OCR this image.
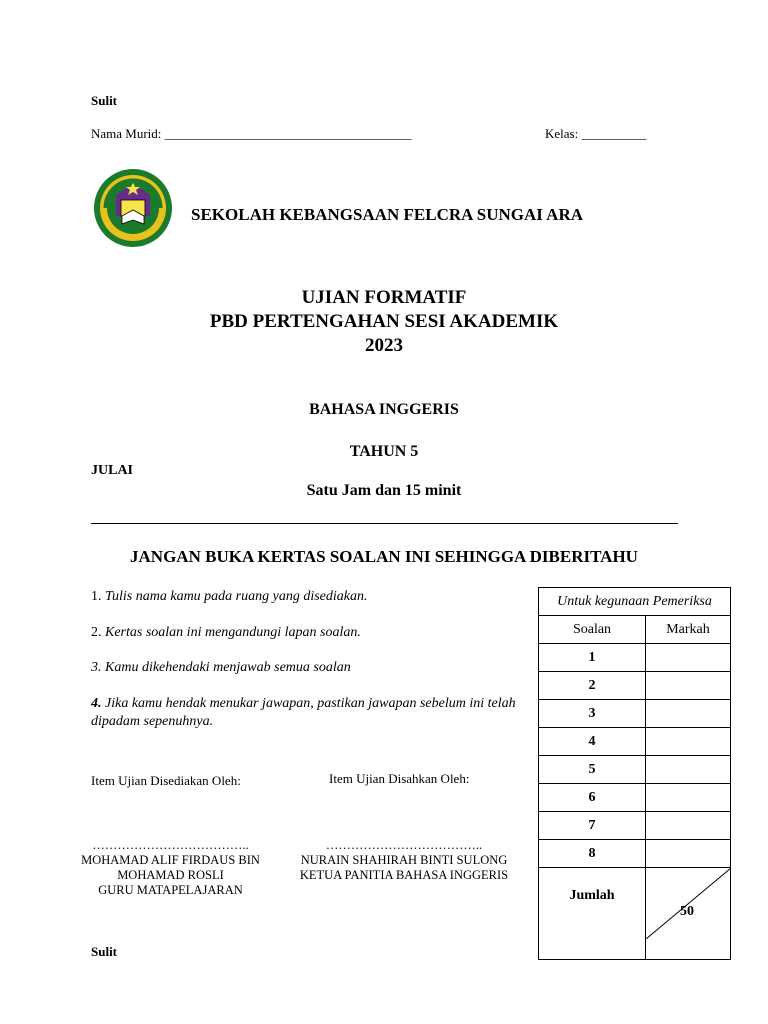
Sulit
Nama Murid: ______________________________________	Kelas: __________
SEKOLAH KEBANGSAAN FELCRA SUNGAI ARA
UJIAN FORMATIF
PBD PERTENGAHAN SESI AKADEMIK
2023
BAHASA INGGERIS
TAHUN 5
JULAI
Satu Jam dan 15 minit
JANGAN BUKA KERTAS SOALAN INI SEHINGGA DIBERITAHU
1. Tulis nama kamu pada ruang yang disediakan.
2. Kertas soalan ini mengandungi lapan soalan.
3. Kamu dikehendaki menjawab semua soalan
4. Jika kamu hendak menukar jawapan, pastikan jawapan sebelum ini telah dipadam sepenuhnya.
Item Ujian Disediakan Oleh:	Item Ujian Disahkan Oleh:
………………………………..
MOHAMAD ALIF FIRDAUS BIN
MOHAMAD ROSLI
GURU MATAPELAJARAN
………………………………..
NURAIN SHAHIRAH BINTI SULONG
KETUA PANITIA BAHASA INGGERIS
Untuk kegunaan Pemeriksa	
Soalan	Markah
1	
2	
3	
4	
5	
6	
7	
8	
Jumlah	50
Sulit
